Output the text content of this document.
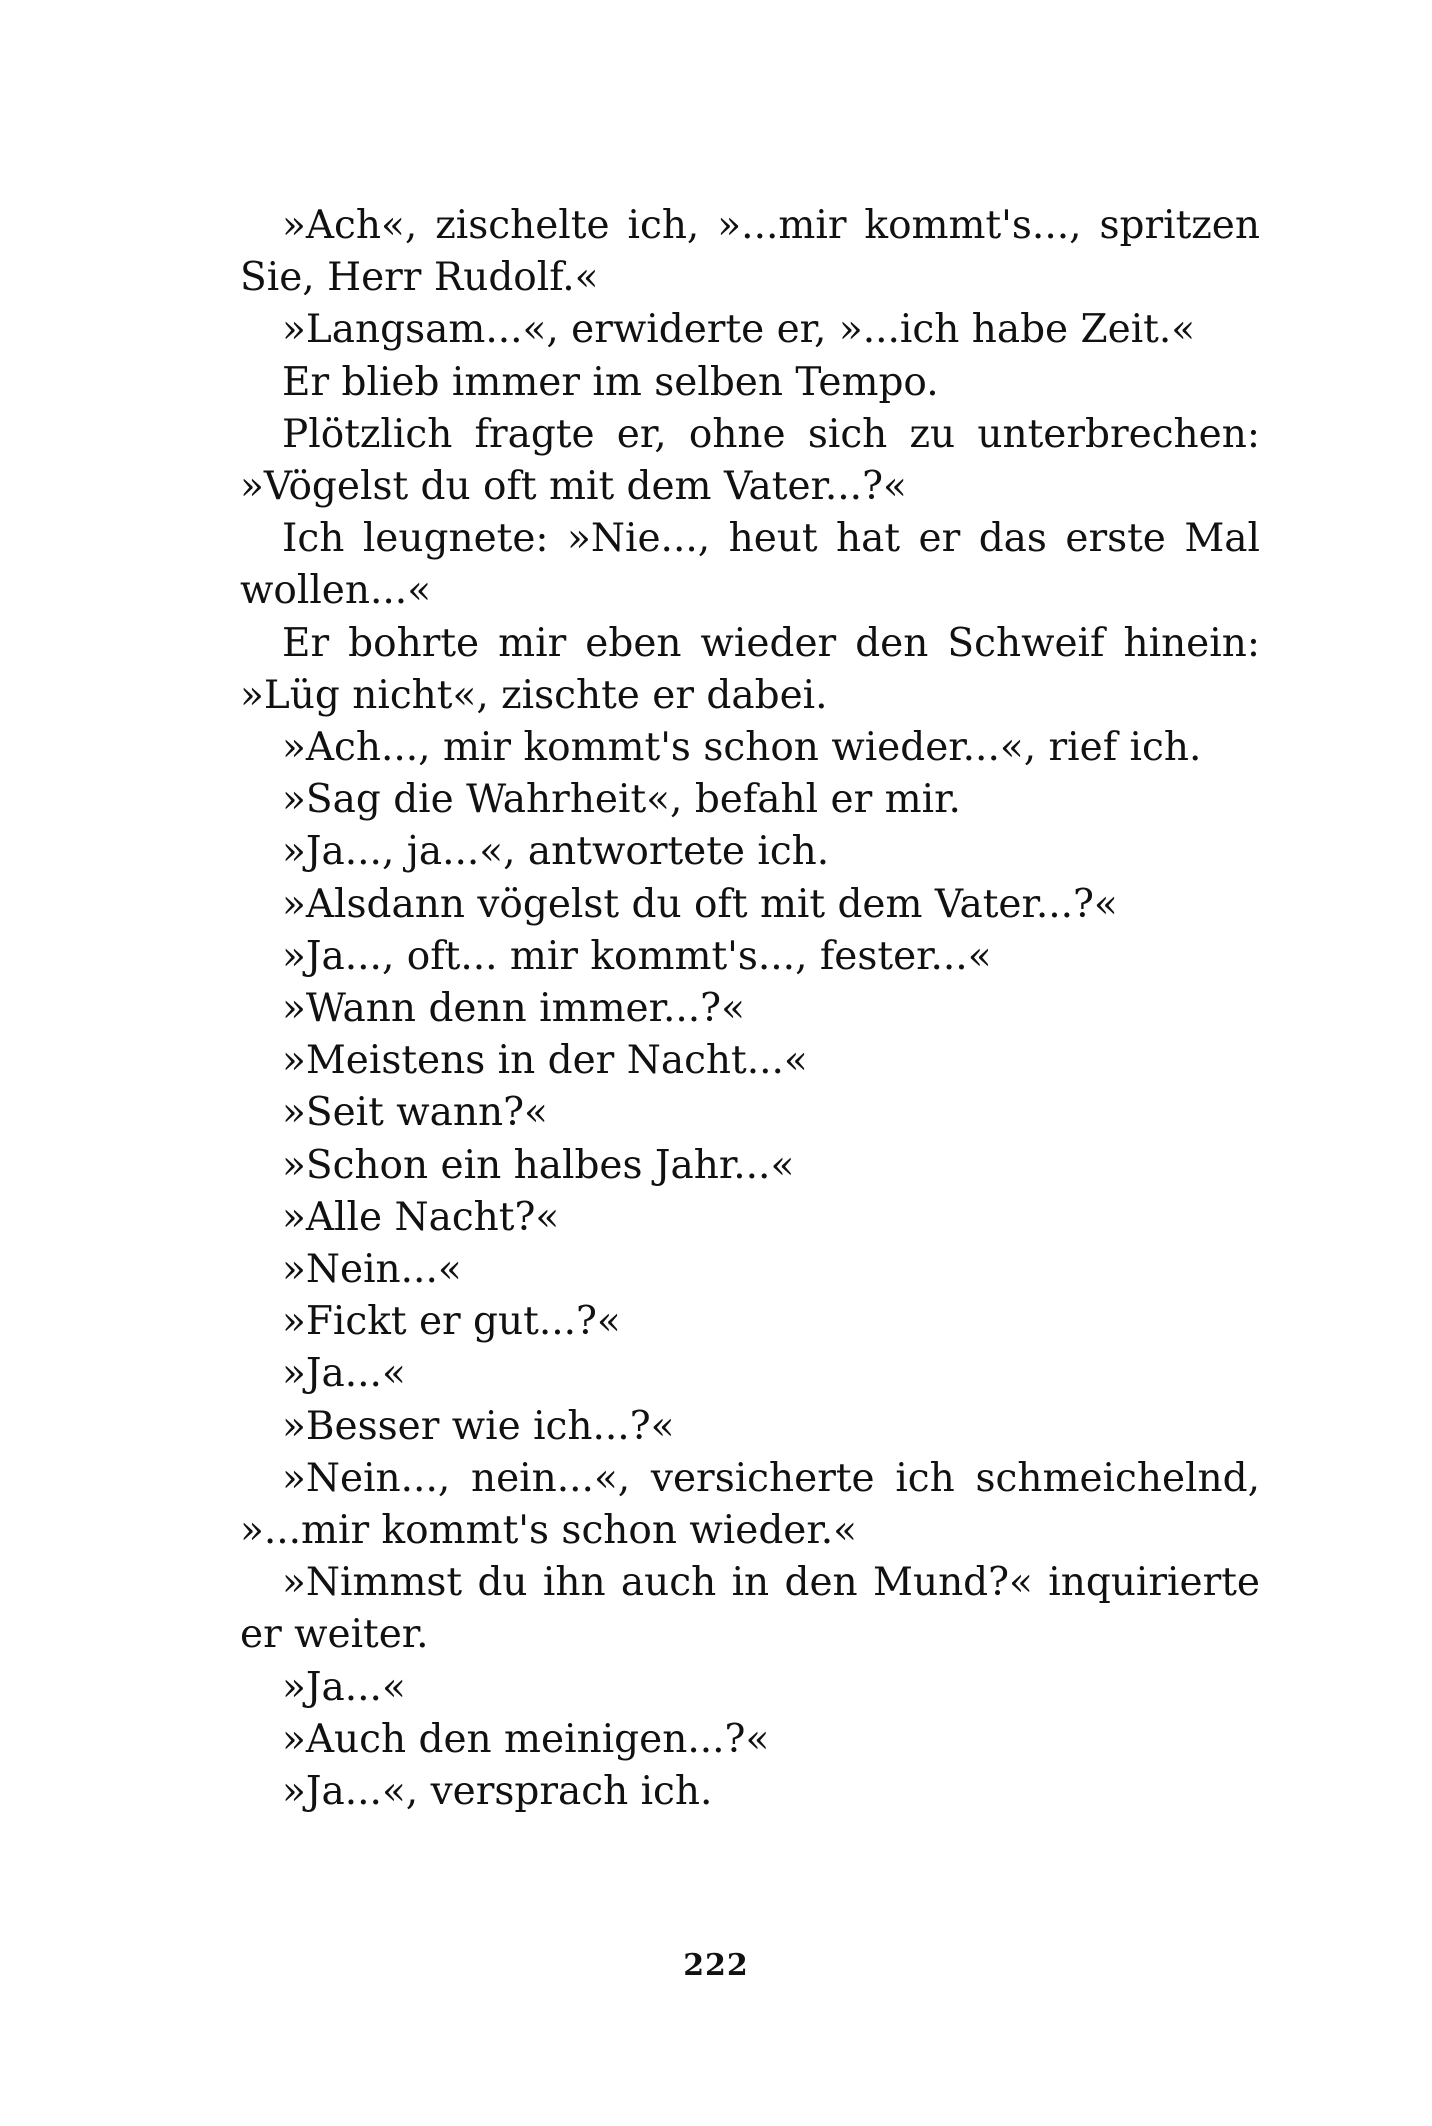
»Ach«, zischelte ich, »...mir kommt's..., spritzen Sie, Herr Rudolf.«

»Langsam...«, erwiderte er, »...ich habe Zeit.«

Er blieb immer im selben Tempo.

Plötzlich fragte er, ohne sich zu unterbrechen: »Vögelst du oft mit dem Vater...?«

Ich leugnete: »Nie..., heut hat er das erste Mal wollen...«

Er bohrte mir eben wieder den Schweif hinein: »Lüg nicht«, zischte er dabei.

»Ach..., mir kommt's schon wieder...«, rief ich.

»Sag die Wahrheit«, befahl er mir.

»Ja..., ja...«, antwortete ich.

»Alsdann vögelst du oft mit dem Vater...?«

»Ja..., oft... mir kommt's..., fester...«

»Wann denn immer...?«

»Meistens in der Nacht...«

»Seit wann?«

»Schon ein halbes Jahr...«

»Alle Nacht?«

»Nein...«

»Fickt er gut...?«

»Ja...«

»Besser wie ich...?«

»Nein..., nein...«, versicherte ich schmeichelnd, »...mir kommt's schon wieder.«

»Nimmst du ihn auch in den Mund?« inquirierte er weiter.

»Ja...«

»Auch den meinigen...?«

»Ja...«, versprach ich.

222
